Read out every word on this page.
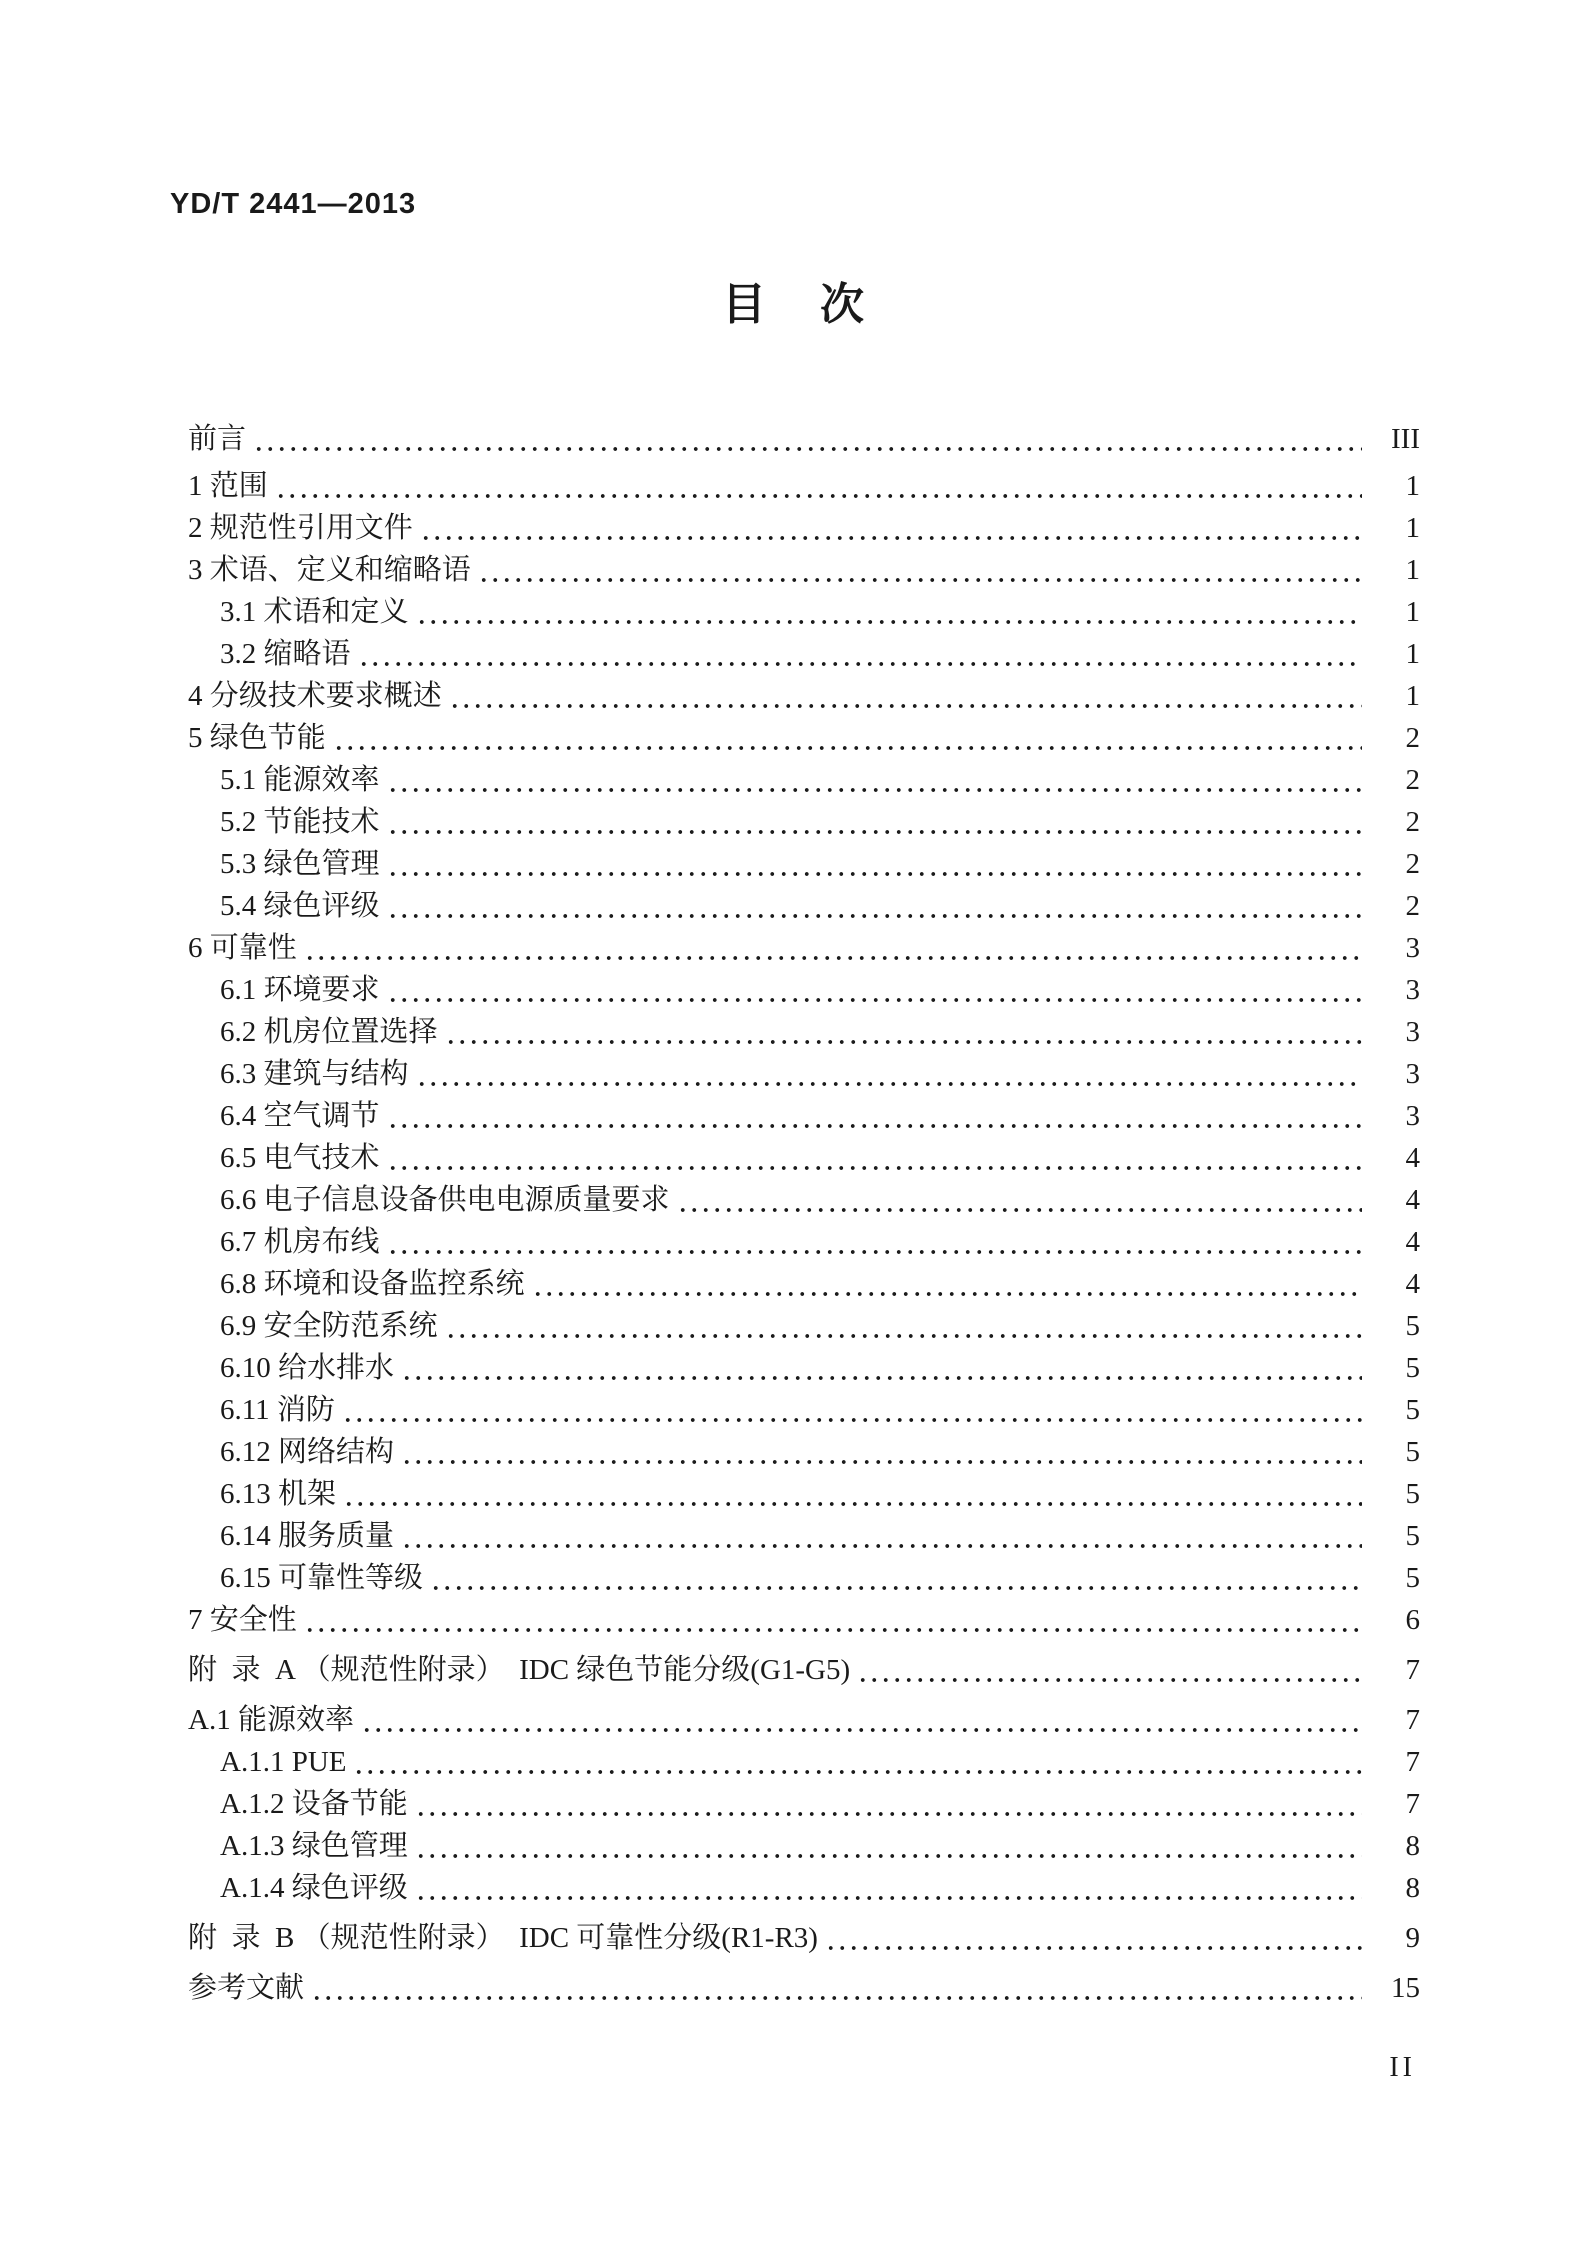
YD/T 2441—2013
目  次
前言	III
1 范围	1
2 规范性引用文件	1
3 术语、定义和缩略语	1
3.1 术语和定义	1
3.2 缩略语	1
4 分级技术要求概述	1
5 绿色节能	2
5.1 能源效率	2
5.2 节能技术	2
5.3 绿色管理	2
5.4 绿色评级	2
6 可靠性	3
6.1 环境要求	3
6.2 机房位置选择	3
6.3 建筑与结构	3
6.4 空气调节	3
6.5 电气技术	4
6.6 电子信息设备供电电源质量要求	4
6.7 机房布线	4
6.8 环境和设备监控系统	4
6.9 安全防范系统	5
6.10 给水排水	5
6.11 消防	5
6.12 网络结构	5
6.13 机架	5
6.14 服务质量	5
6.15 可靠性等级	5
7 安全性	6
附  录  A （规范性附录）  IDC 绿色节能分级(G1-G5)	7
A.1 能源效率	7
A.1.1 PUE	7
A.1.2 设备节能	7
A.1.3 绿色管理	8
A.1.4 绿色评级	8
附  录  B （规范性附录）  IDC 可靠性分级(R1-R3)	9
参考文献	15
II
